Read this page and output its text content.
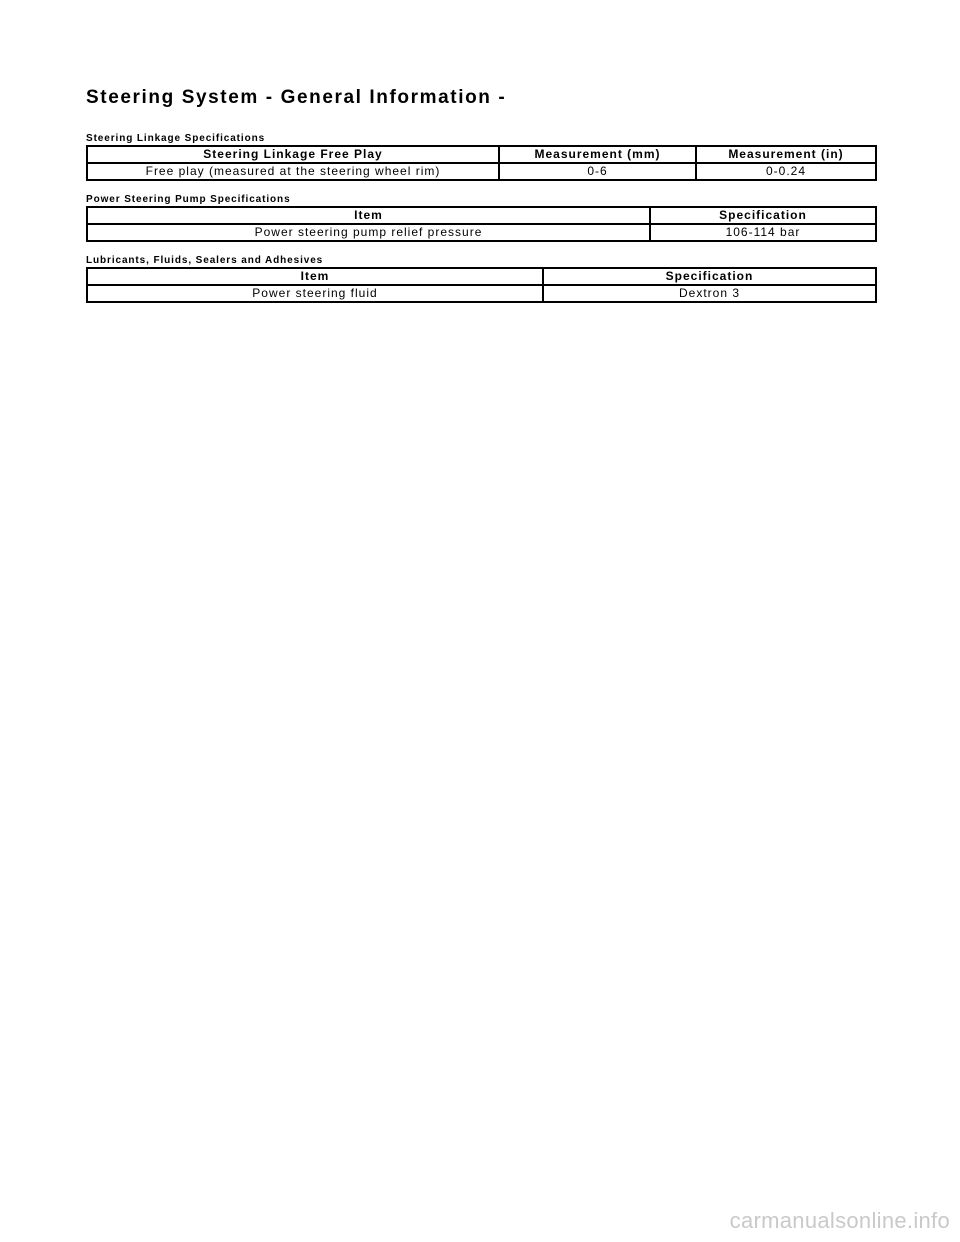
Steering System - General Information -
Steering Linkage Specifications
Steering Linkage Free Play	Measurement (mm)	Measurement (in)
Free play (measured at the steering wheel rim)	0-6	0-0.24
Power Steering Pump Specifications
Item	Specification
Power steering pump relief pressure	106-114 bar
Lubricants, Fluids, Sealers and Adhesives
Item	Specification
Power steering fluid	Dextron 3
carmanualsonline.info
